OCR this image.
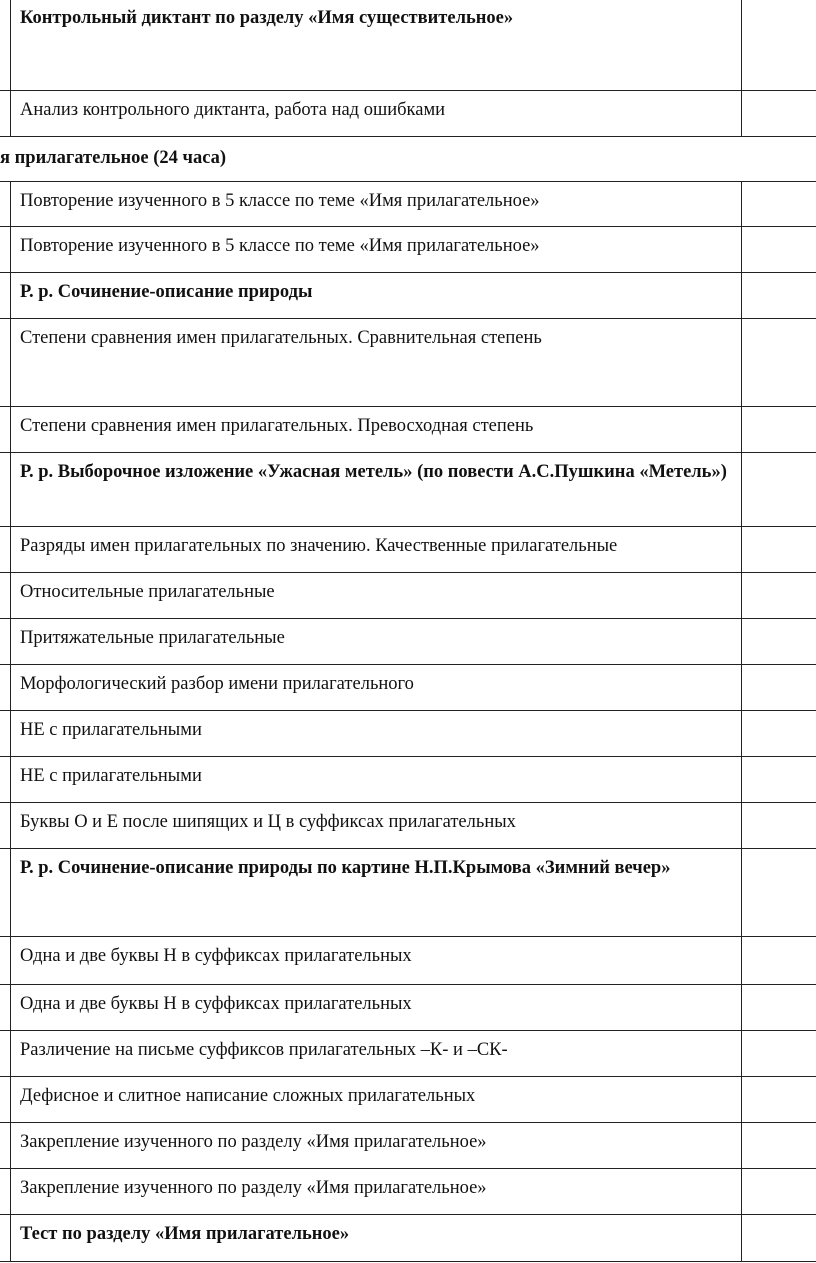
Контрольный диктант по разделу «Имя существительное»
Анализ контрольного диктанта, работа над ошибками
я прилагательное (24 часа)
Повторение изученного в 5 классе по теме «Имя прилагательное»
Повторение изученного в 5 классе по теме «Имя прилагательное»
Р. р. Сочинение-описание природы
Степени сравнения имен прилагательных. Сравнительная степень
Степени сравнения имен прилагательных. Превосходная степень
Р. р. Выборочное изложение «Ужасная метель» (по повести А.С.Пушкина «Метель»)
Разряды имен прилагательных по значению. Качественные прилагательные
Относительные прилагательные
Притяжательные прилагательные
Морфологический разбор имени прилагательного
НЕ с прилагательными
НЕ с прилагательными
Буквы О и Е после шипящих и Ц в суффиксах прилагательных
Р. р. Сочинение-описание природы по картине Н.П.Крымова «Зимний вечер»
Одна и две буквы Н в суффиксах прилагательных
Одна и две буквы Н в суффиксах прилагательных
Различение на письме суффиксов прилагательных –К- и –СК-
Дефисное и слитное написание сложных прилагательных
Закрепление изученного по разделу «Имя прилагательное»
Закрепление изученного по разделу «Имя прилагательное»
Тест по разделу «Имя прилагательное»
